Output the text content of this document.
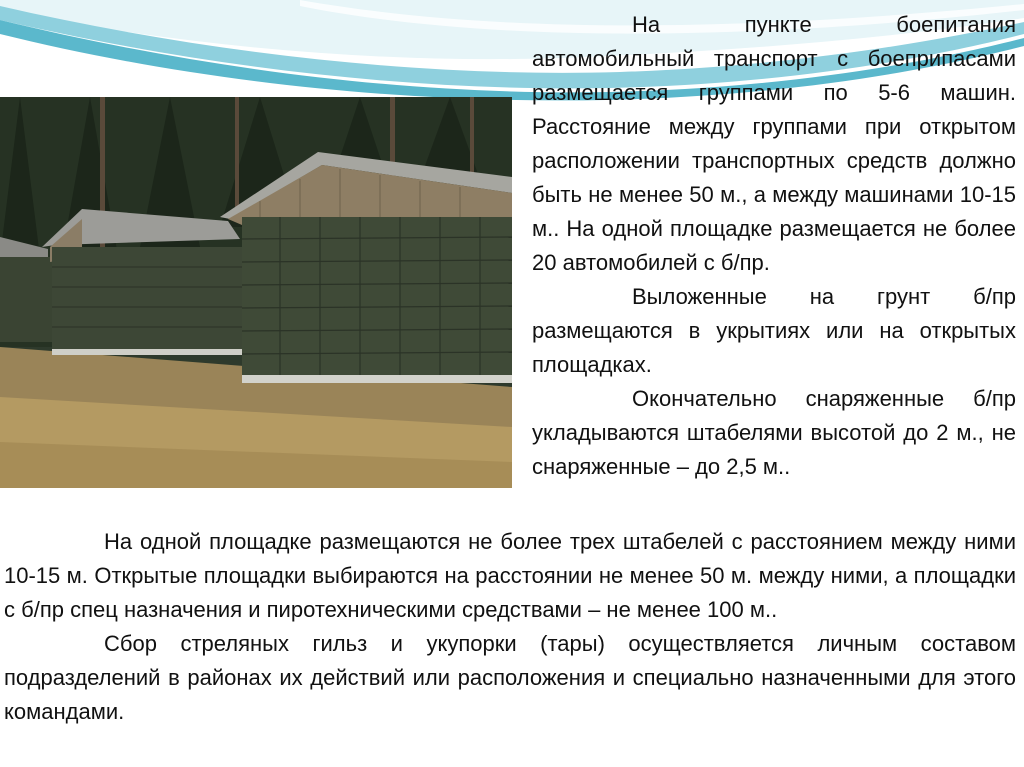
На пункте боепитания автомобильный транспорт с боеприпасами размещается группами по 5-6 машин. Расстояние между группами при открытом расположении транспортных средств должно быть не менее 50 м., а между машинами 10-15 м.. На одной площадке размещается не более 20 автомобилей с б/пр.

Выложенные на грунт б/пр размещаются в укрытиях или на открытых площадках.

Окончательно снаряженные б/пр укладываются штабелями высотой до 2 м., не снаряженные – до 2,5 м..

На одной площадке размещаются не более трех штабелей с расстоянием между ними 10-15 м. Открытые площадки выбираются на расстоянии не менее 50 м. между ними, а площадки с б/пр спец назначения и пиротехническими средствами – не менее 100 м..

Сбор стреляных гильз и укупорки (тары) осуществляется личным составом подразделений в районах их действий или расположения и специально назначенными для этого командами.
